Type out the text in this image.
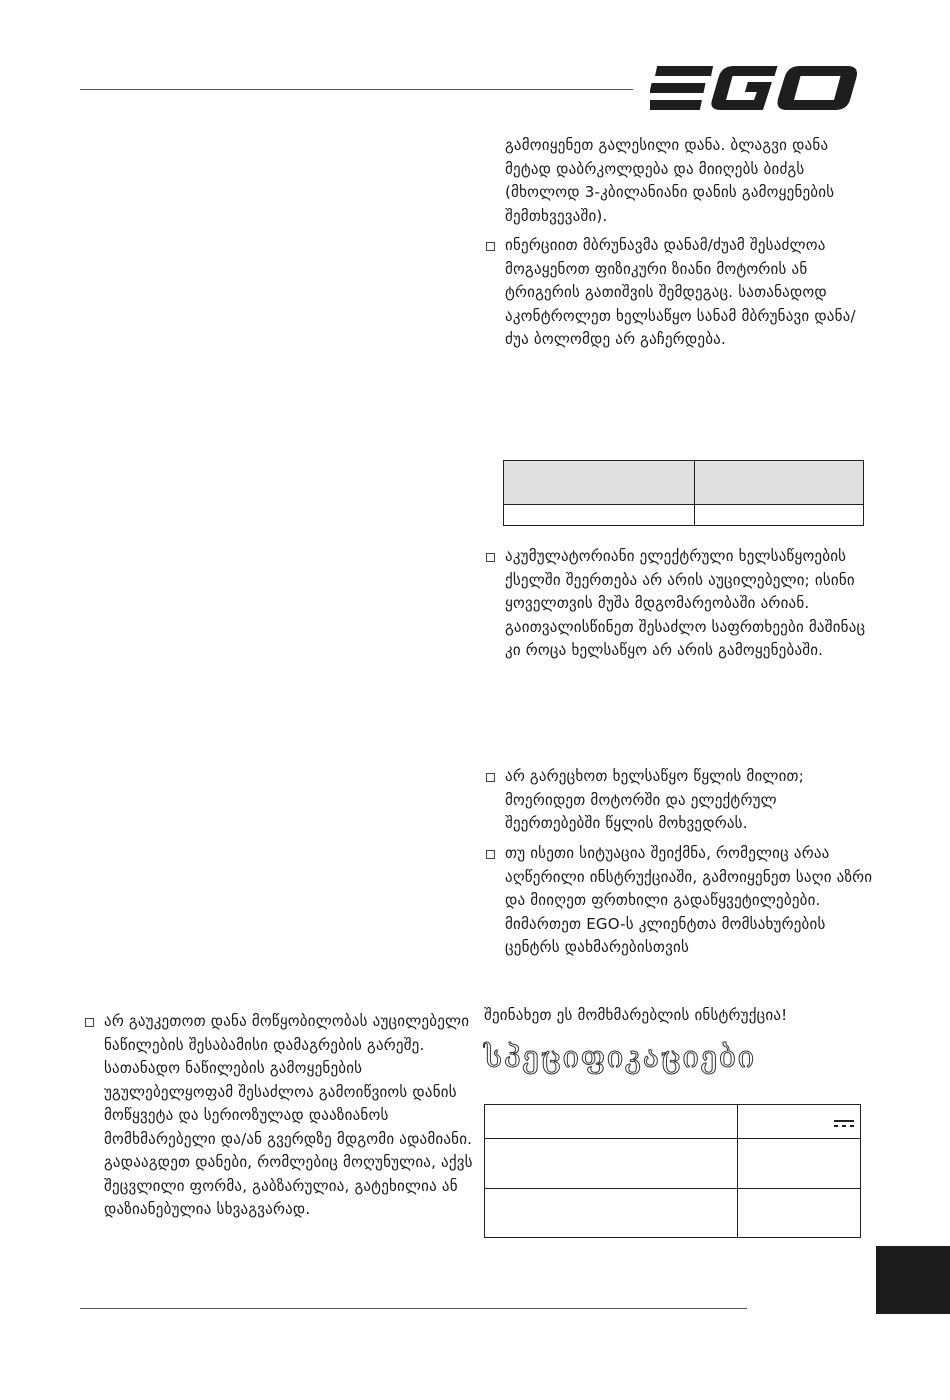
გამოიყენეთ გალესილი დანა. ბლაგვი დანა მეტად დაბრკოლდება და მიიღებს ბიძგს (მხოლოდ 3-კბილანიანი დანის გამოყენების შემთხვევაში).

ინერციით მბრუნავმა დანამ/ძუამ შესაძლოა მოგაყენოთ ფიზიკური ზიანი მოტორის ან ტრიგერის გათიშვის შემდეგაც. სათანადოდ აკონტროლეთ ხელსაწყო სანამ მბრუნავი დანა/ძუა ბოლომდე არ გაჩერდება.

აკუმულატორიანი ელექტრული ხელსაწყოების ქსელში შეერთება არ არის აუცილებელი; ისინი ყოველთვის მუშა მდგომარეობაში არიან. გაითვალისწინეთ შესაძლო საფრთხეები მაშინაც კი როცა ხელსაწყო არ არის გამოყენებაში.

არ გარეცხოთ ხელსაწყო წყლის მილით; მოერიდეთ მოტორში და ელექტრულ შეერთებებში წყლის მოხვედრას.

თუ ისეთი სიტუაცია შეიქმნა, რომელიც არაა აღწერილი ინსტრუქციაში, გამოიყენეთ საღი აზრი და მიიღეთ ფრთხილი გადაწყვეტილებები. მიმართეთ EGO-ს კლიენტთა მომსახურების ცენტრს დახმარებისთვის

შეინახეთ ეს მომხმარებლის ინსტრუქცია!

სპეციფიკაციები

არ გაუკეთოთ დანა მოწყობილობას აუცილებელი ნაწილების შესაბამისი დამაგრების გარეშე. სათანადო ნაწილების გამოყენების უგულებელყოფამ შესაძლოა გამოიწვიოს დანის მოწყვეტა და სერიოზულად დააზიანოს მომხმარებელი და/ან გვერდზე მდგომი ადამიანი. გადააგდეთ დანები, რომლებიც მოღუნულია, აქვს შეცვლილი ფორმა, გაბზარულია, გატეხილია ან დაზიანებულია სხვაგვარად.
